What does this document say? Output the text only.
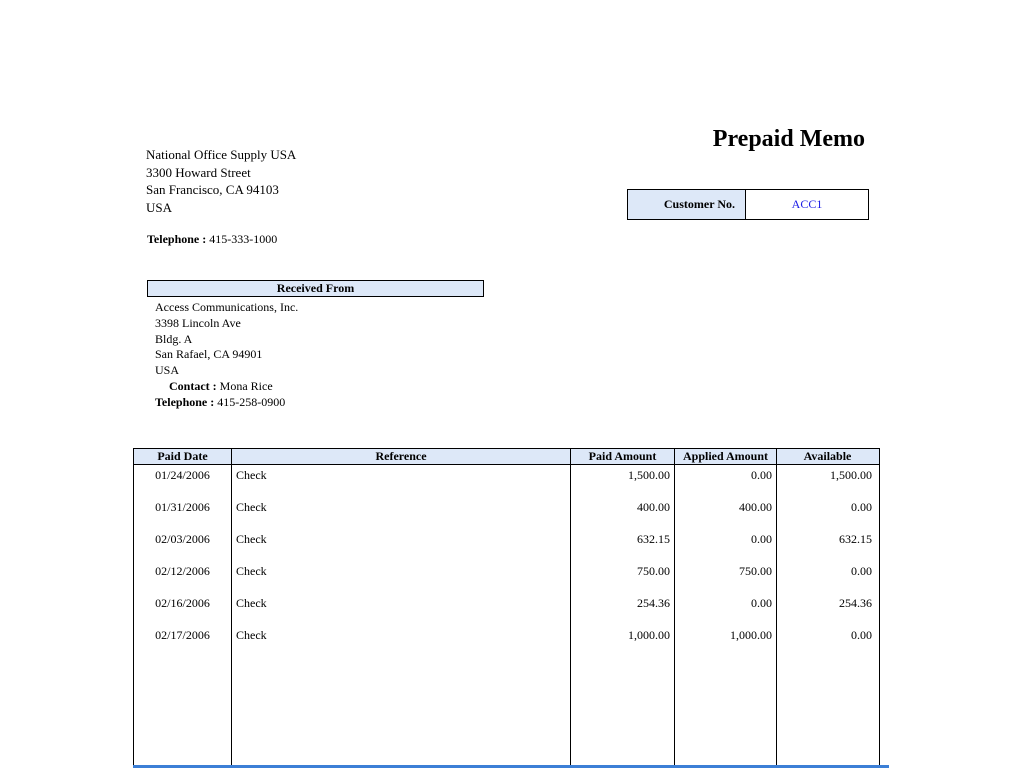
National Office Supply USA
3300 Howard Street
San Francisco, CA 94103
USA
Telephone : 415-333-1000
Prepaid Memo
Customer No.	ACC1
Received From
Access Communications, Inc.
3398 Lincoln Ave
Bldg. A
San Rafael, CA 94901
USA
Contact : Mona Rice
Telephone : 415-258-0900
Paid Date	Reference	Paid Amount	Applied Amount	Available
01/24/2006	Check	1,500.00	0.00	1,500.00
01/31/2006	Check	400.00	400.00	0.00
02/03/2006	Check	632.15	0.00	632.15
02/12/2006	Check	750.00	750.00	0.00
02/16/2006	Check	254.36	0.00	254.36
02/17/2006	Check	1,000.00	1,000.00	0.00
